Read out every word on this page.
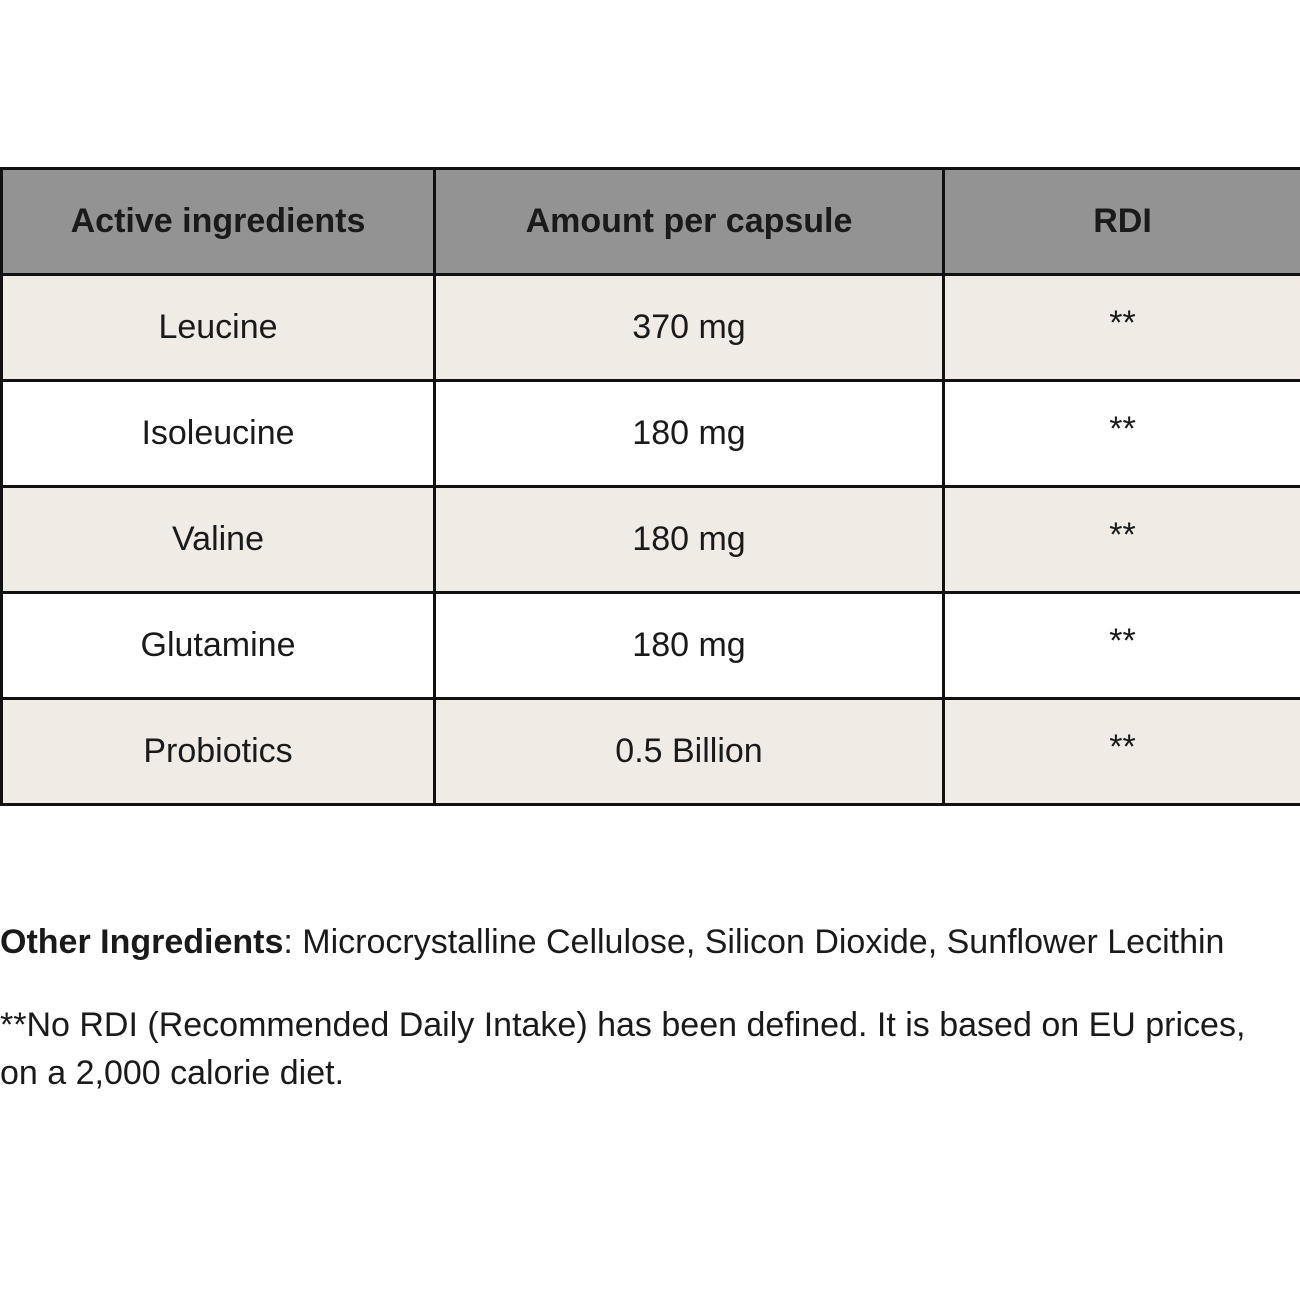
Active ingredients	Amount per capsule	RDI
Leucine	370 mg	**
Isoleucine	180 mg	**
Valine	180 mg	**
Glutamine	180 mg	**
Probiotics	0.5 Billion	**

Other Ingredients: Microcrystalline Cellulose, Silicon Dioxide, Sunflower Lecithin

**No RDI (Recommended Daily Intake) has been defined. It is based on EU prices, on a 2,000 calorie diet.
